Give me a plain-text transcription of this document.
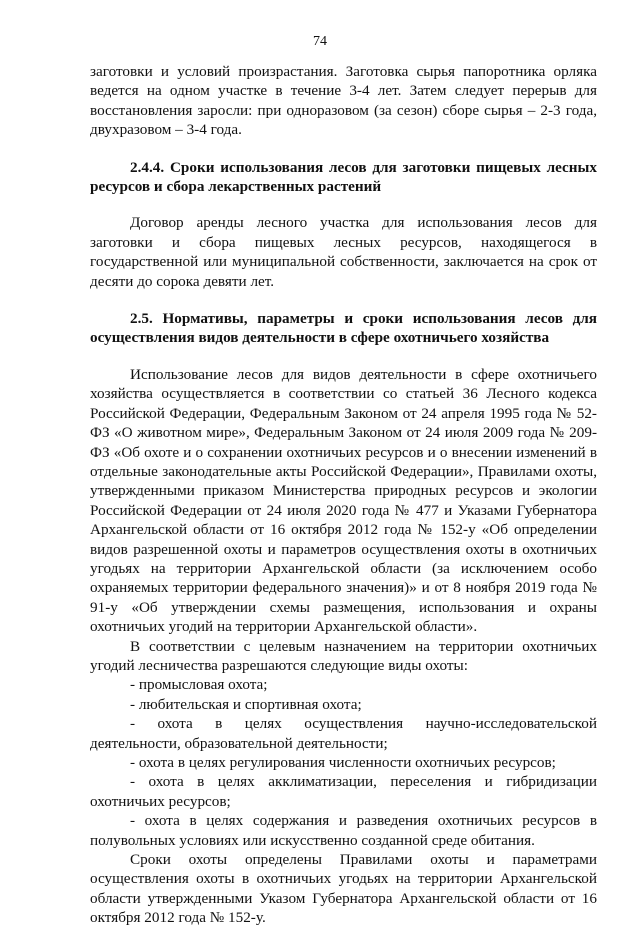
74

заготовки и условий произрастания. Заготовка сырья папоротника орляка ведется на одном участке в течение 3-4 лет. Затем следует перерыв для восстановления заросли: при одноразовом (за сезон) сборе сырья – 2-3 года, двухразовом – 3-4 года.

2.4.4. Сроки использования лесов для заготовки пищевых лесных ресурсов и сбора лекарственных растений

Договор аренды лесного участка для использования лесов для заготовки и сбора пищевых лесных ресурсов, находящегося в государственной или муниципальной собственности, заключается на срок от десяти до сорока девяти лет.

2.5. Нормативы, параметры и сроки использования лесов для осуществления видов деятельности в сфере охотничьего хозяйства

Использование лесов для видов деятельности в сфере охотничьего хозяйства осуществляется в соответствии со статьей 36 Лесного кодекса Российской Федерации, Федеральным Законом от 24 апреля 1995 года № 52-ФЗ «О животном мире», Федеральным Законом от 24 июля 2009 года № 209-ФЗ «Об охоте и о сохранении охотничьих ресурсов и о внесении изменений в отдельные законодательные акты Российской Федерации», Правилами охоты, утвержденными приказом Министерства природных ресурсов и экологии Российской Федерации от 24 июля 2020 года № 477 и Указами Губернатора Архангельской области от 16 октября 2012 года № 152-у «Об определении видов разрешенной охоты и параметров осуществления охоты в охотничьих угодьях на территории Архангельской области (за исключением особо охраняемых территории федерального значения)» и от 8 ноября 2019 года № 91-у «Об утверждении схемы размещения, использования и охраны охотничьих угодий на территории Архангельской области».

В соответствии с целевым назначением на территории охотничьих угодий лесничества разрешаются следующие виды охоты:

- промысловая охота;

- любительская и спортивная охота;

- охота в целях осуществления научно-исследовательской деятельности, образовательной деятельности;

- охота в целях регулирования численности охотничьих ресурсов;

- охота в целях акклиматизации, переселения и гибридизации охотничьих ресурсов;

- охота в целях содержания и разведения охотничьих ресурсов в полувольных условиях или искусственно созданной среде обитания.

Сроки охоты определены Правилами охоты и параметрами осуществления охоты в охотничьих угодьях на территории Архангельской области утвержденными Указом Губернатора Архангельской области от 16 октября 2012 года № 152-у.
